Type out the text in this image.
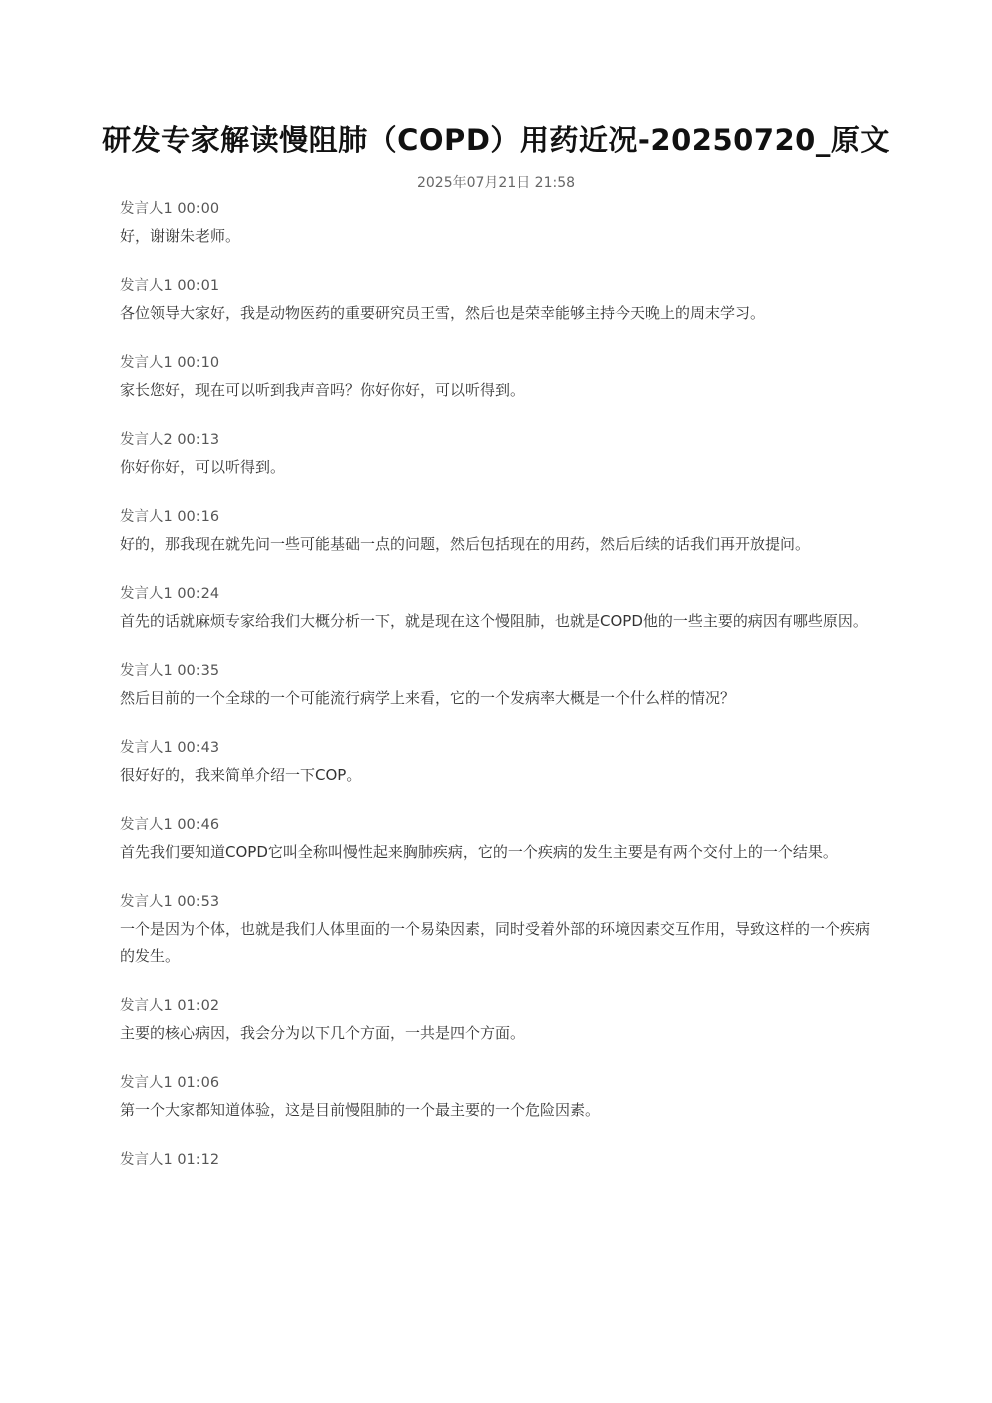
研发专家解读慢阻肺（COPD）用药近况-20250720_原文
2025年07月21日 21:58
发言人1 00:00
好，谢谢朱老师。
发言人1 00:01
各位领导大家好，我是动物医药的重要研究员王雪，然后也是荣幸能够主持今天晚上的周末学习。
发言人1 00:10
家长您好，现在可以听到我声音吗？你好你好，可以听得到。
发言人2 00:13
你好你好，可以听得到。
发言人1 00:16
好的，那我现在就先问一些可能基础一点的问题，然后包括现在的用药，然后后续的话我们再开放提问。
发言人1 00:24
首先的话就麻烦专家给我们大概分析一下，就是现在这个慢阻肺，也就是COPD他的一些主要的病因有哪些原因。
发言人1 00:35
然后目前的一个全球的一个可能流行病学上来看，它的一个发病率大概是一个什么样的情况？
发言人1 00:43
很好好的，我来简单介绍一下COP。
发言人1 00:46
首先我们要知道COPD它叫全称叫慢性起来胸肺疾病，它的一个疾病的发生主要是有两个交付上的一个结果。
发言人1 00:53
一个是因为个体，也就是我们人体里面的一个易染因素，同时受着外部的环境因素交互作用，导致这样的一个疾病的发生。
发言人1 01:02
主要的核心病因，我会分为以下几个方面，一共是四个方面。
发言人1 01:06
第一个大家都知道体验，这是目前慢阻肺的一个最主要的一个危险因素。
发言人1 01:12
